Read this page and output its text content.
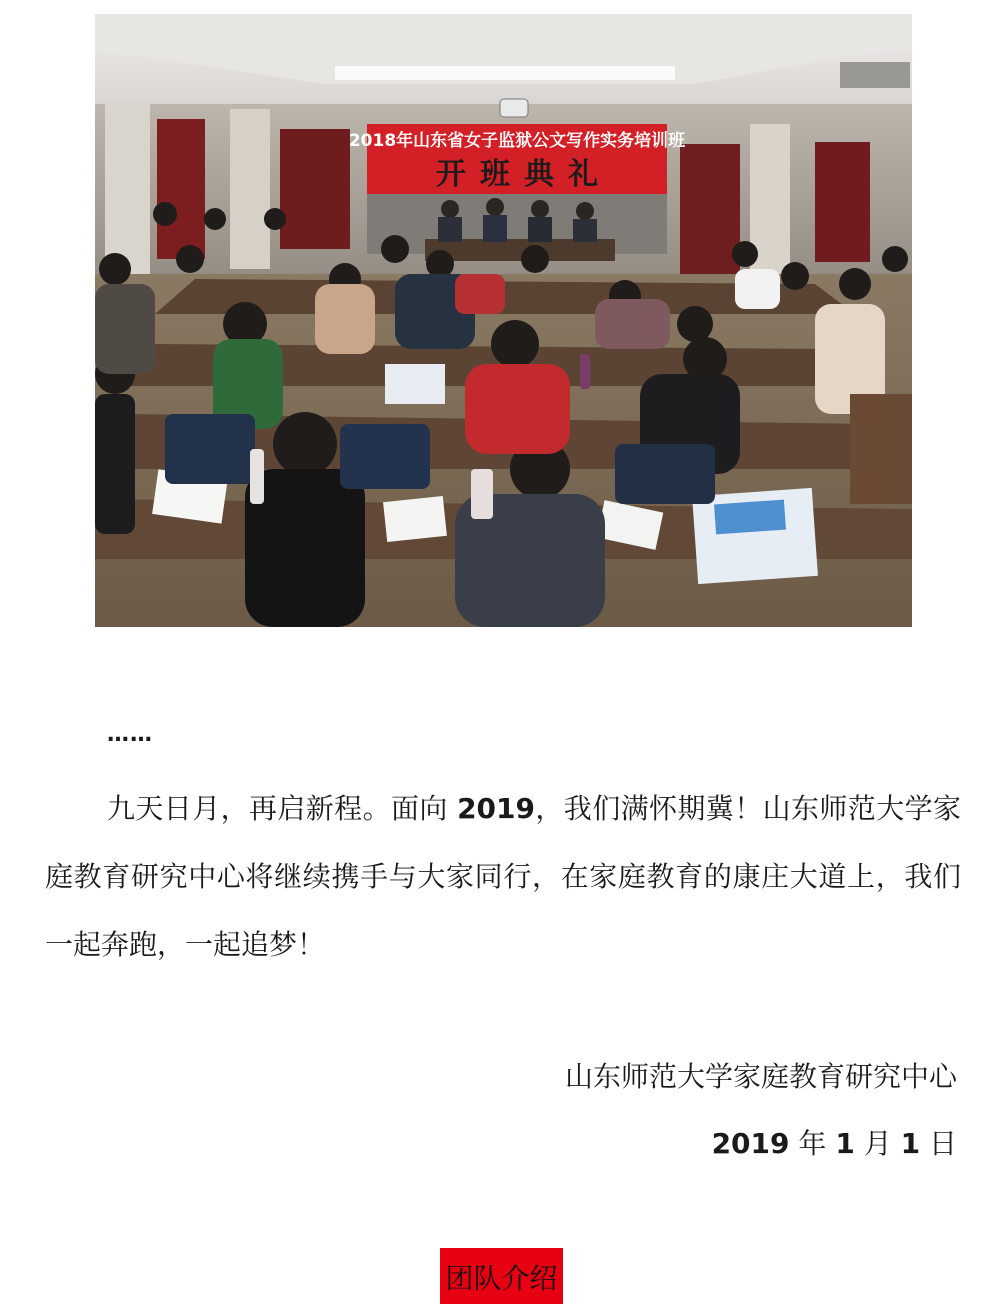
2018年山东省女子监狱公文写作实务培训班
开班典礼
……

九天日月，再启新程。面向 2019，我们满怀期冀！山东师范大学家庭教育研究中心将继续携手与大家同行，在家庭教育的康庄大道上，我们一起奔跑，一起追梦！

山东师范大学家庭教育研究中心
2019 年 1 月 1 日
团队介绍
